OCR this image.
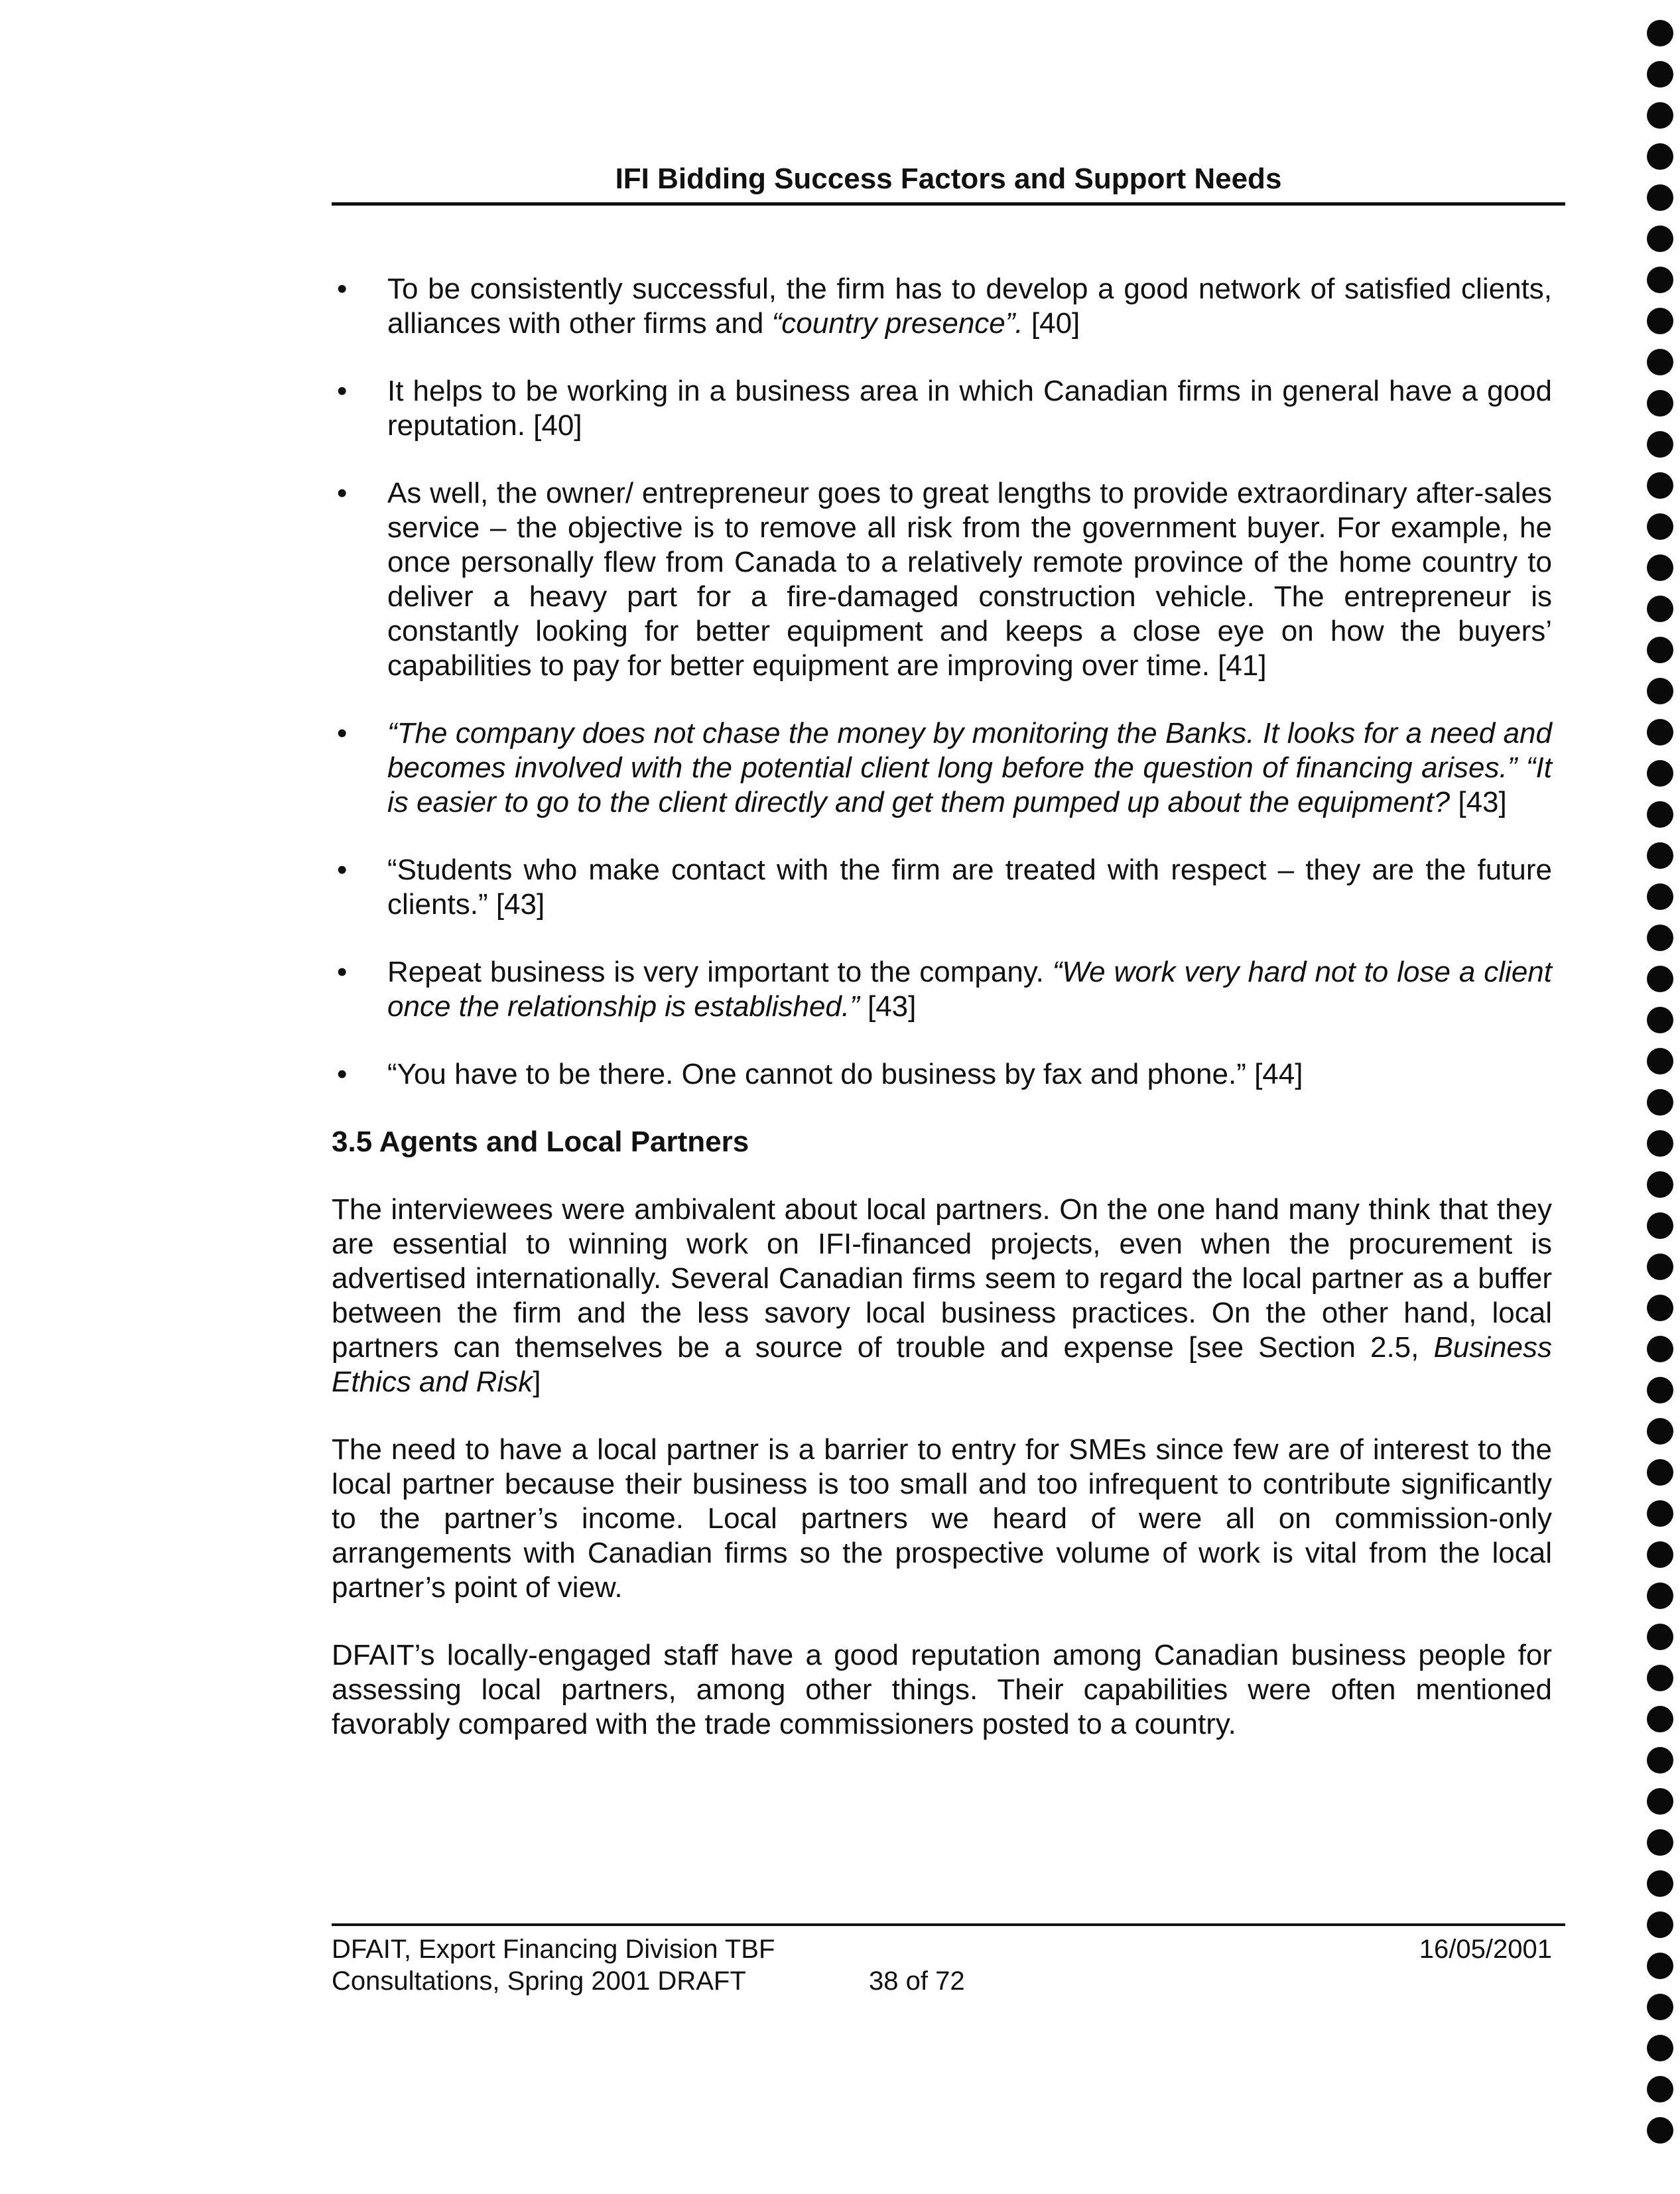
IFI Bidding Success Factors and Support Needs
• To be consistently successful, the firm has to develop a good network of satisfied clients, alliances with other firms and “country presence”. [40]
• It helps to be working in a business area in which Canadian firms in general have a good reputation. [40]
• As well, the owner/ entrepreneur goes to great lengths to provide extraordinary after-sales service – the objective is to remove all risk from the government buyer. For example, he once personally flew from Canada to a relatively remote province of the home country to deliver a heavy part for a fire-damaged construction vehicle. The entrepreneur is constantly looking for better equipment and keeps a close eye on how the buyers’ capabilities to pay for better equipment are improving over time. [41]
• “The company does not chase the money by monitoring the Banks. It looks for a need and becomes involved with the potential client long before the question of financing arises.” “It is easier to go to the client directly and get them pumped up about the equipment? [43]
• “Students who make contact with the firm are treated with respect – they are the future clients.” [43]
• Repeat business is very important to the company. “We work very hard not to lose a client once the relationship is established.” [43]
• “You have to be there. One cannot do business by fax and phone.” [44]
3.5 Agents and Local Partners

The interviewees were ambivalent about local partners. On the one hand many think that they are essential to winning work on IFI-financed projects, even when the procurement is advertised internationally. Several Canadian firms seem to regard the local partner as a buffer between the firm and the less savory local business practices. On the other hand, local partners can themselves be a source of trouble and expense [see Section 2.5, Business Ethics and Risk]

The need to have a local partner is a barrier to entry for SMEs since few are of interest to the local partner because their business is too small and too infrequent to contribute significantly to the partner’s income. Local partners we heard of were all on commission-only arrangements with Canadian firms so the prospective volume of work is vital from the local partner’s point of view.

DFAIT’s locally-engaged staff have a good reputation among Canadian business people for assessing local partners, among other things. Their capabilities were often mentioned favorably compared with the trade commissioners posted to a country.

DFAIT, Export Financing Division TBF
Consultations, Spring 2001 DRAFT	38 of 72
16/05/2001
